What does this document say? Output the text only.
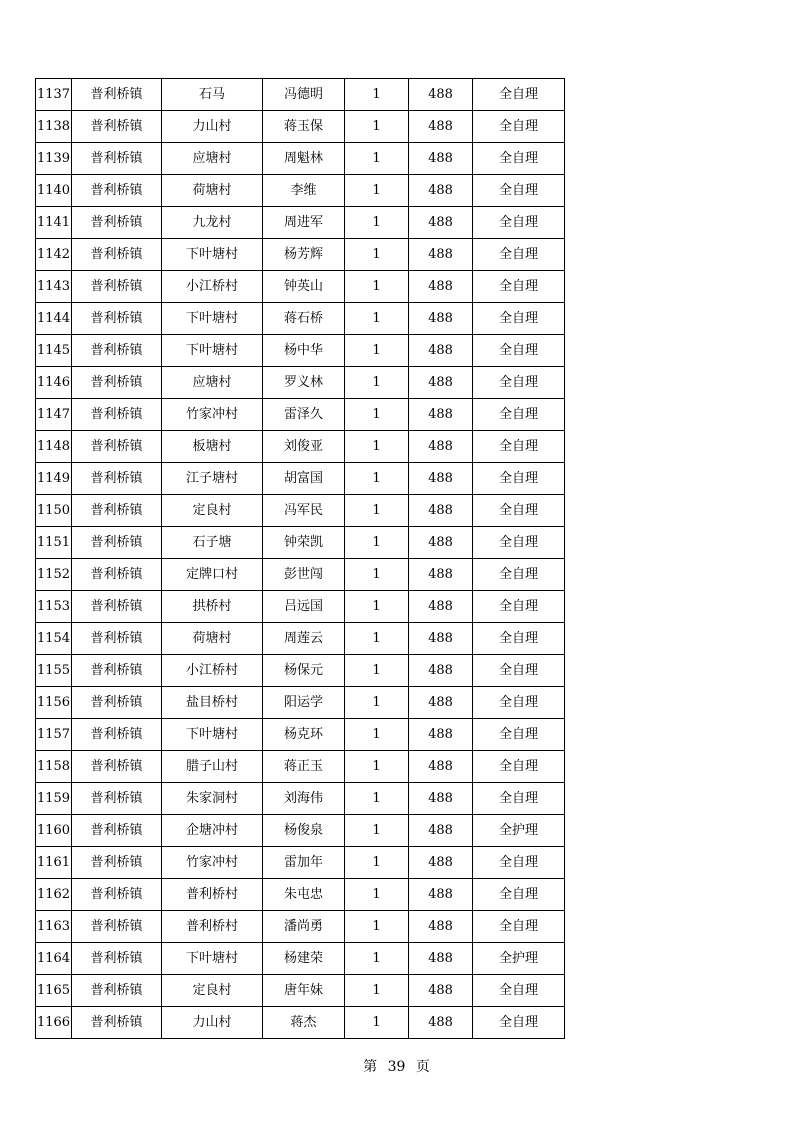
1137	普利桥镇	石马	冯德明	1	488	全自理
1138	普利桥镇	力山村	蒋玉保	1	488	全自理
1139	普利桥镇	应塘村	周魁林	1	488	全自理
1140	普利桥镇	荷塘村	李维	1	488	全自理
1141	普利桥镇	九龙村	周进军	1	488	全自理
1142	普利桥镇	下叶塘村	杨芳辉	1	488	全自理
1143	普利桥镇	小江桥村	钟英山	1	488	全自理
1144	普利桥镇	下叶塘村	蒋石桥	1	488	全自理
1145	普利桥镇	下叶塘村	杨中华	1	488	全自理
1146	普利桥镇	应塘村	罗义林	1	488	全自理
1147	普利桥镇	竹家冲村	雷泽久	1	488	全自理
1148	普利桥镇	板塘村	刘俊亚	1	488	全自理
1149	普利桥镇	江子塘村	胡富国	1	488	全自理
1150	普利桥镇	定良村	冯军民	1	488	全自理
1151	普利桥镇	石子塘	钟荣凯	1	488	全自理
1152	普利桥镇	定牌口村	彭世闯	1	488	全自理
1153	普利桥镇	拱桥村	吕远国	1	488	全自理
1154	普利桥镇	荷塘村	周莲云	1	488	全自理
1155	普利桥镇	小江桥村	杨保元	1	488	全自理
1156	普利桥镇	盐目桥村	阳运学	1	488	全自理
1157	普利桥镇	下叶塘村	杨克环	1	488	全自理
1158	普利桥镇	腊子山村	蒋正玉	1	488	全自理
1159	普利桥镇	朱家洞村	刘海伟	1	488	全自理
1160	普利桥镇	企塘冲村	杨俊泉	1	488	全护理
1161	普利桥镇	竹家冲村	雷加年	1	488	全自理
1162	普利桥镇	普利桥村	朱屯忠	1	488	全自理
1163	普利桥镇	普利桥村	潘尚勇	1	488	全自理
1164	普利桥镇	下叶塘村	杨建荣	1	488	全护理
1165	普利桥镇	定良村	唐年妹	1	488	全自理
1166	普利桥镇	力山村	蒋杰	1	488	全自理
第 39 页
